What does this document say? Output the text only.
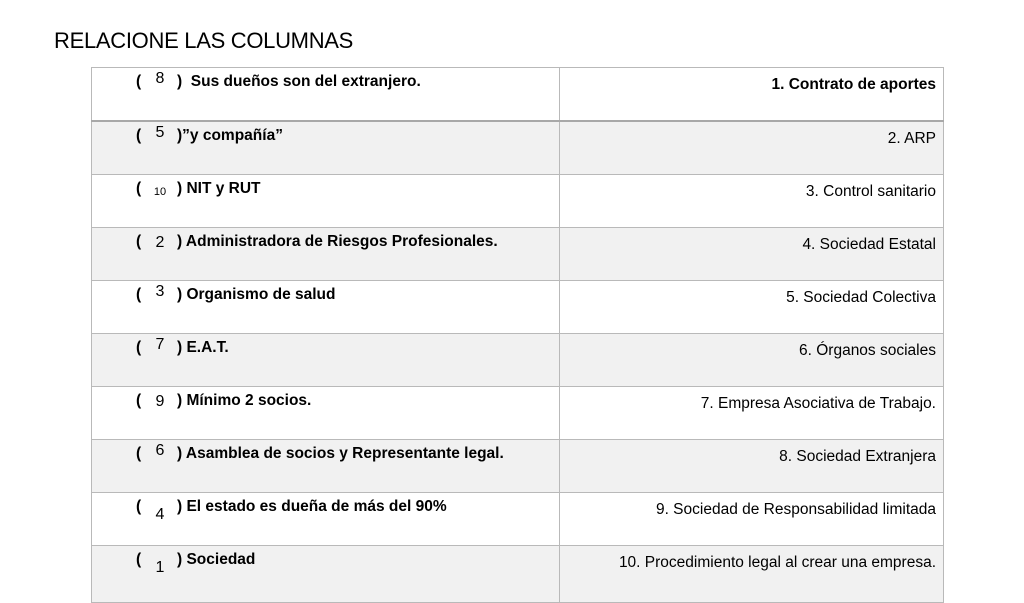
RELACIONE LAS COLUMNAS
( 8 )  Sus dueños son del extranjero.	1. Contrato de aportes

( 5 )”y compañía”	2. ARP

( 10 ) NIT y RUT	3. Control sanitario

( 2 ) Administradora de Riesgos Profesionales.	4. Sociedad Estatal

( 3 ) Organismo de salud	5. Sociedad Colectiva

( 7 ) E.A.T.	6. Órganos sociales

( 9 ) Mínimo 2 socios.	7. Empresa Asociativa de Trabajo.

( 6 ) Asamblea de socios y Representante legal.	8. Sociedad Extranjera

( 4 ) El estado es dueña de más del 90%	9. Sociedad de Responsabilidad limitada

( 1 ) Sociedad	10. Procedimiento legal al crear una empresa.
